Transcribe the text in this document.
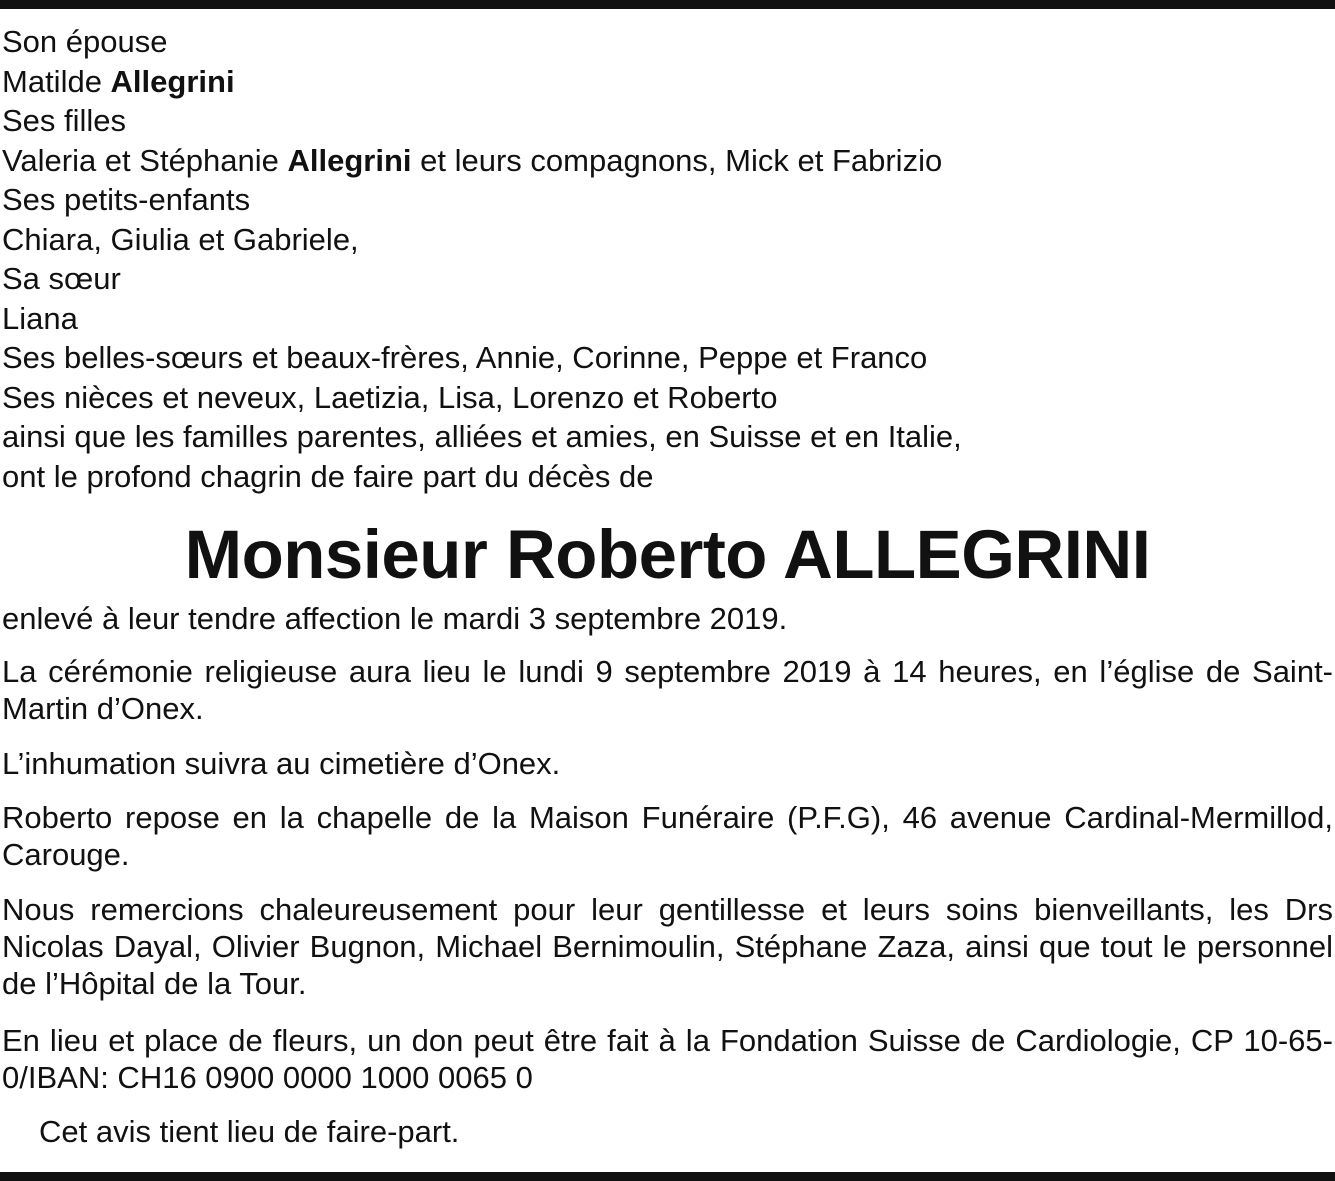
Son épouse
Matilde Allegrini
Ses filles
Valeria et Stéphanie Allegrini et leurs compagnons, Mick et Fabrizio
Ses petits-enfants
Chiara, Giulia et Gabriele,
Sa sœur
Liana
Ses belles-sœurs et beaux-frères, Annie, Corinne, Peppe et Franco
Ses nièces et neveux, Laetizia, Lisa, Lorenzo et Roberto
ainsi que les familles parentes, alliées et amies, en Suisse et en Italie,
ont le profond chagrin de faire part du décès de
Monsieur Roberto ALLEGRINI
enlevé à leur tendre affection le mardi 3 septembre 2019.
La cérémonie religieuse aura lieu le lundi 9 septembre 2019 à 14 heures, en l’église de Saint-Martin d’Onex.
L’inhumation suivra au cimetière d’Onex.
Roberto repose en la chapelle de la Maison Funéraire (P.F.G), 46 avenue Cardinal-Mermillod, Carouge.
Nous remercions chaleureusement pour leur gentillesse et leurs soins bienveillants, les Drs Nicolas Dayal, Olivier Bugnon, Michael Bernimoulin, Stéphane Zaza, ainsi que tout le personnel de l’Hôpital de la Tour.
En lieu et place de fleurs, un don peut être fait à la Fondation Suisse de Cardiologie, CP 10-65-0/IBAN: CH16 0900 0000 1000 0065 0
Cet avis tient lieu de faire-part.
